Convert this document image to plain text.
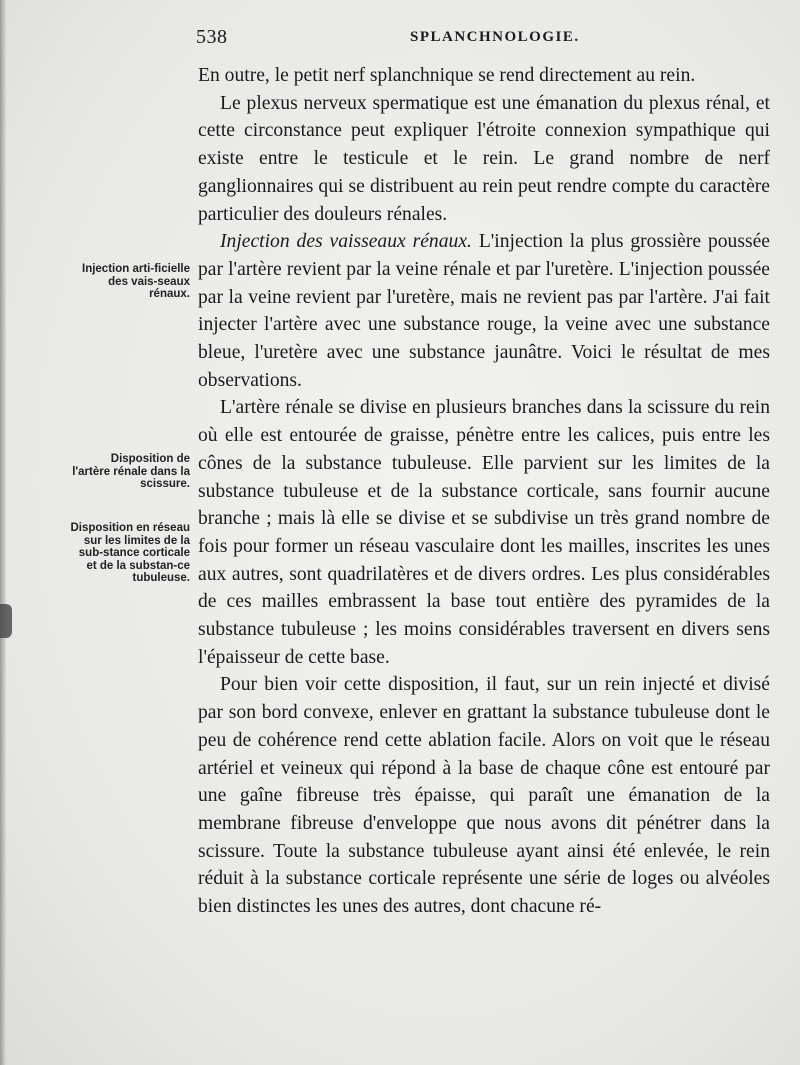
538	SPLANCHNOLOGIE.
Injection arti-ficielle des vais-seaux rénaux.
Disposition de l'artère rénale dans la scissure.
Disposition en réseau sur les limites de la sub-stance corticale et de la substan-ce tubuleuse.

En outre, le petit nerf splanchnique se rend directement au rein.

Le plexus nerveux spermatique est une émanation du plexus rénal, et cette circonstance peut expliquer l'étroite connexion sympathique qui existe entre le testicule et le rein. Le grand nombre de nerf ganglionnaires qui se distribuent au rein peut rendre compte du caractère particulier des douleurs rénales.

Injection des vaisseaux rénaux. L'injection la plus grossière poussée par l'artère revient par la veine rénale et par l'uretère. L'injection poussée par la veine revient par l'uretère, mais ne revient pas par l'artère. J'ai fait injecter l'artère avec une substance rouge, la veine avec une substance bleue, l'uretère avec une substance jaunâtre. Voici le résultat de mes observations.

L'artère rénale se divise en plusieurs branches dans la scissure du rein où elle est entourée de graisse, pénètre entre les calices, puis entre les cônes de la substance tubuleuse. Elle parvient sur les limites de la substance tubuleuse et de la substance corticale, sans fournir aucune branche ; mais là elle se divise et se subdivise un très grand nombre de fois pour former un réseau vasculaire dont les mailles, inscrites les unes aux autres, sont quadrilatères et de divers ordres. Les plus considérables de ces mailles embrassent la base tout entière des pyramides de la substance tubuleuse ; les moins considérables traversent en divers sens l'épaisseur de cette base.

Pour bien voir cette disposition, il faut, sur un rein injecté et divisé par son bord convexe, enlever en grattant la substance tubuleuse dont le peu de cohérence rend cette ablation facile. Alors on voit que le réseau artériel et veineux qui répond à la base de chaque cône est entouré par une gaîne fibreuse très épaisse, qui paraît une émanation de la membrane fibreuse d'enveloppe que nous avons dit pénétrer dans la scissure. Toute la substance tubuleuse ayant ainsi été enlevée, le rein réduit à la substance corticale représente une série de loges ou alvéoles bien distinctes les unes des autres, dont chacune ré-
